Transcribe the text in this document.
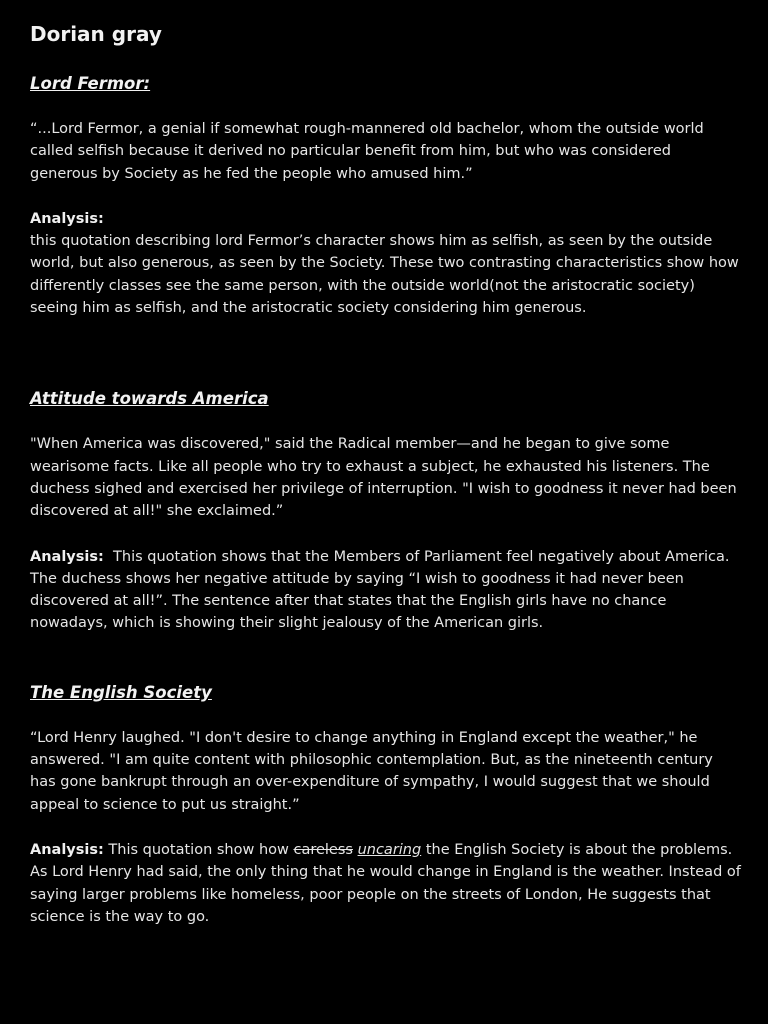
Dorian gray
Lord Fermor:

“...Lord Fermor, a genial if somewhat rough-mannered old bachelor, whom the outside world called selfish because it derived no particular benefit from him, but who was considered generous by Society as he fed the people who amused him.”

Analysis:

this quotation describing lord Fermor’s character shows him as selfish, as seen by the outside world, but also generous, as seen by the Society. These two contrasting characteristics show how differently classes see the same person, with the outside world(not the aristocratic society) seeing him as selfish, and the aristocratic society considering him generous.

Attitude towards America

"When America was discovered," said the Radical member—and he began to give some wearisome facts. Like all people who try to exhaust a subject, he exhausted his listeners. The duchess sighed and exercised her privilege of interruption. "I wish to goodness it never had been discovered at all!" she exclaimed.”

Analysis: This quotation shows that the Members of Parliament feel negatively about America. The duchess shows her negative attitude by saying “I wish to goodness it had never been discovered at all!”. The sentence after that states that the English girls have no chance nowadays, which is showing their slight jealousy of the American girls.

The English Society

“Lord Henry laughed. "I don't desire to change anything in England except the weather," he answered. "I am quite content with philosophic contemplation. But, as the nineteenth century has gone bankrupt through an over-expenditure of sympathy, I would suggest that we should appeal to science to put us straight.”

Analysis: This quotation show how careless uncaring the English Society is about the problems. As Lord Henry had said, the only thing that he would change in England is the weather. Instead of saying larger problems like homeless, poor people on the streets of London, He suggests that science is the way to go.
